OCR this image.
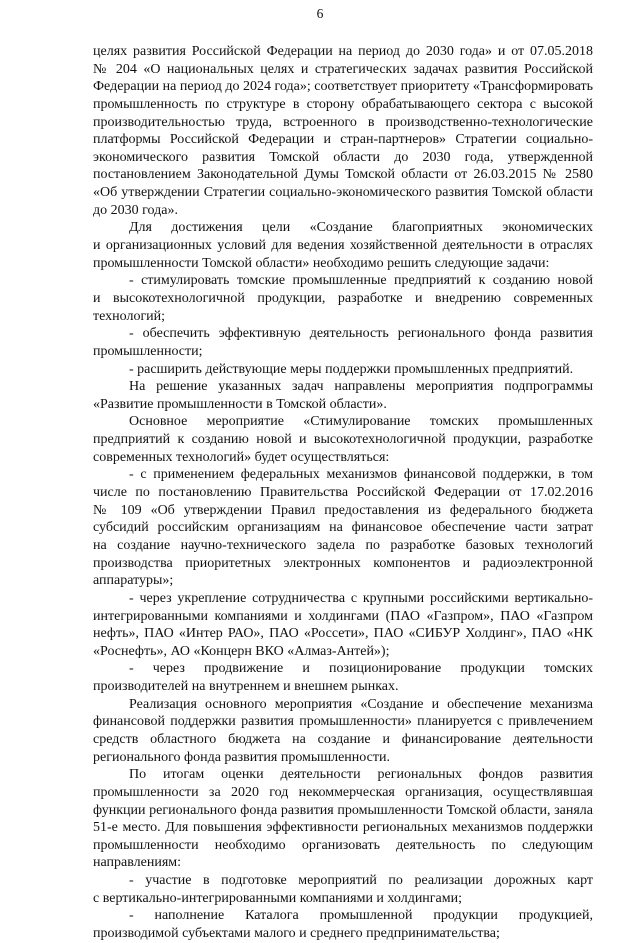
6
целях развития Российской Федерации на период до 2030 года» и от 07.05.2018
№ 204 «О национальных целях и стратегических задачах развития Российской
Федерации на период до 2024 года»; соответствует приоритету «Трансформировать
промышленность по структуре в сторону обрабатывающего сектора с высокой
производительностью труда, встроенного в производственно-технологические
платформы Российской Федерации и стран-партнеров» Стратегии социально-
экономического развития Томской области до 2030 года, утвержденной
постановлением Законодательной Думы Томской области от 26.03.2015 № 2580
«Об утверждении Стратегии социально-экономического развития Томской области
до 2030 года».
Для достижения цели «Создание благоприятных экономических
и организационных условий для ведения хозяйственной деятельности в отраслях
промышленности Томской области» необходимо решить следующие задачи:
- стимулировать томские промышленные предприятий к созданию новой
и высокотехнологичной продукции, разработке и внедрению современных
технологий;
- обеспечить эффективную деятельность регионального фонда развития
промышленности;
- расширить действующие меры поддержки промышленных предприятий.
На решение указанных задач направлены мероприятия подпрограммы
«Развитие промышленности в Томской области».
Основное мероприятие «Стимулирование томских промышленных
предприятий к созданию новой и высокотехнологичной продукции, разработке
современных технологий» будет осуществляться:
- с применением федеральных механизмов финансовой поддержки, в том
числе по постановлению Правительства Российской Федерации от 17.02.2016
№ 109 «Об утверждении Правил предоставления из федерального бюджета
субсидий российским организациям на финансовое обеспечение части затрат
на создание научно-технического задела по разработке базовых технологий
производства приоритетных электронных компонентов и радиоэлектронной
аппаратуры»;
- через укрепление сотрудничества с крупными российскими вертикально-
интегрированными компаниями и холдингами (ПАО «Газпром», ПАО «Газпром
нефть», ПАО «Интер РАО», ПАО «Россети», ПАО «СИБУР Холдинг», ПАО «НК
«Роснефть», АО «Концерн ВКО «Алмаз-Антей»);
- через продвижение и позиционирование продукции томских
производителей на внутреннем и внешнем рынках.
Реализация основного мероприятия «Создание и обеспечение механизма
финансовой поддержки развития промышленности» планируется с привлечением
средств областного бюджета на создание и финансирование деятельности
регионального фонда развития промышленности.
По итогам оценки деятельности региональных фондов развития
промышленности за 2020 год некоммерческая организация, осуществлявшая
функции регионального фонда развития промышленности Томской области, заняла
51-е место. Для повышения эффективности региональных механизмов поддержки
промышленности необходимо организовать деятельность по следующим
направлениям:
- участие в подготовке мероприятий по реализации дорожных карт
с вертикально-интегрированными компаниями и холдингами;
- наполнение Каталога промышленной продукции продукцией,
производимой субъектами малого и среднего предпринимательства;
